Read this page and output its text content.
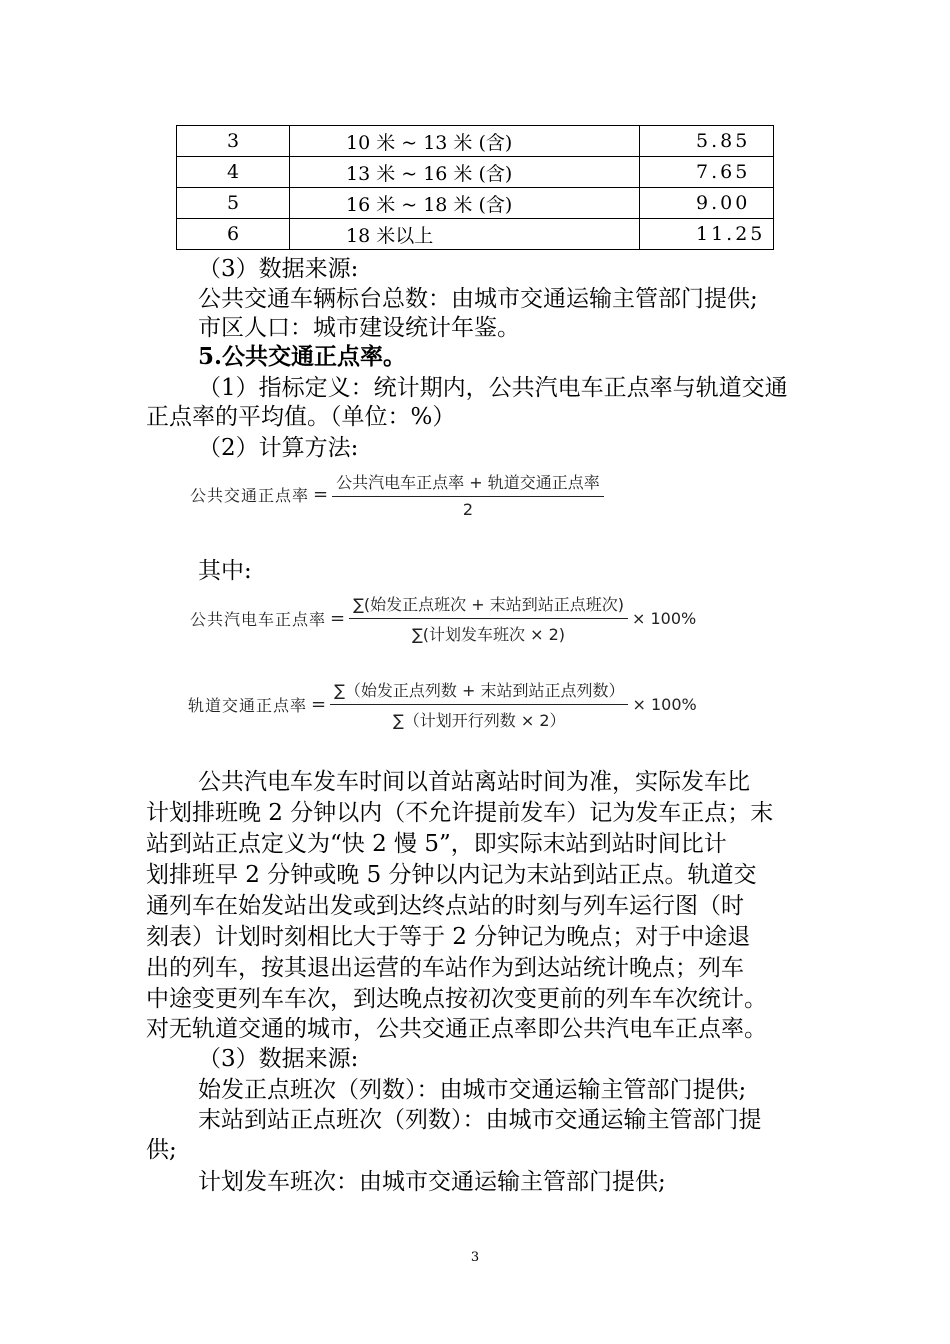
3	10 米 ~ 13 米 (含)	5.85
4	13 米 ~ 16 米 (含)	7.65
5	16 米 ~ 18 米 (含)	9.00
6	18 米以上	11.25
（3）数据来源:
公共交通车辆标台总数：由城市交通运输主管部门提供;
市区人口：城市建设统计年鉴。
5.公共交通正点率。
（1）指标定义：统计期内，公共汽电车正点率与轨道交通
正点率的平均值。（单位：%）
（2）计算方法:
公共交通正点率 = $\frac{\text{公共汽电车正点率 + 轨道交通正点率}}{2}$
其中:
公共汽电车正点率 = $\frac{\text{∑(始发正点班次 + 末站到站正点班次)}}{\text{∑(计划发车班次 × 2)}} \times 100\%$
轨道交通正点率 = $\frac{\text{∑（始发正点列数 + 末站到站正点列数）}}{\text{∑（计划开行列数 × 2）}} \times 100\%$
公共汽电车发车时间以首站离站时间为准，实际发车比
计划排班晚 2 分钟以内（不允许提前发车）记为发车正点；末
站到站正点定义为“快 2 慢 5”，即实际末站到站时间比计
划排班早 2 分钟或晚 5 分钟以内记为末站到站正点。轨道交
通列车在始发站出发或到达终点站的时刻与列车运行图（时
刻表）计划时刻相比大于等于 2 分钟记为晚点；对于中途退
出的列车，按其退出运营的车站作为到达站统计晚点；列车
中途变更列车车次，到达晚点按初次变更前的列车车次统计。
对无轨道交通的城市，公共交通正点率即公共汽电车正点率。
（3）数据来源:
始发正点班次（列数）：由城市交通运输主管部门提供;
末站到站正点班次（列数）：由城市交通运输主管部门提
供;
计划发车班次：由城市交通运输主管部门提供;
3
